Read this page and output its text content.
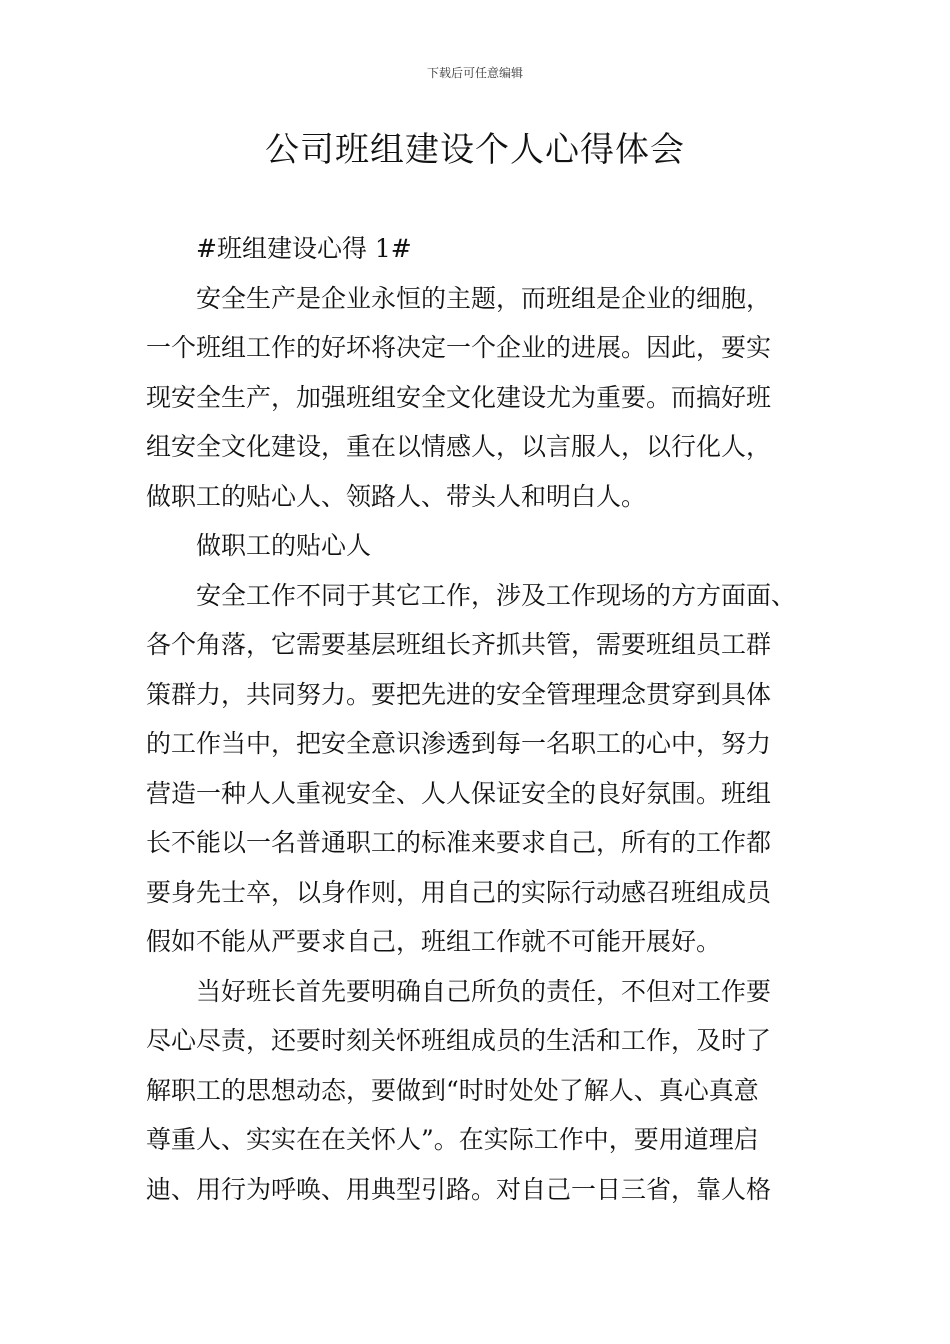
下载后可任意编辑
公司班组建设个人心得体会
#班组建设心得 1#
安全生产是企业永恒的主题，而班组是企业的细胞，
一个班组工作的好坏将决定一个企业的进展。因此，要实
现安全生产，加强班组安全文化建设尤为重要。而搞好班
组安全文化建设，重在以情感人，以言服人，以行化人，
做职工的贴心人、领路人、带头人和明白人。
做职工的贴心人
安全工作不同于其它工作，涉及工作现场的方方面面、
各个角落，它需要基层班组长齐抓共管，需要班组员工群
策群力，共同努力。要把先进的安全管理理念贯穿到具体
的工作当中，把安全意识渗透到每一名职工的心中，努力
营造一种人人重视安全、人人保证安全的良好氛围。班组
长不能以一名普通职工的标准来要求自己，所有的工作都
要身先士卒，以身作则，用自己的实际行动感召班组成员
假如不能从严要求自己，班组工作就不可能开展好。
当好班长首先要明确自己所负的责任，不但对工作要
尽心尽责，还要时刻关怀班组成员的生活和工作，及时了
解职工的思想动态，要做到“时时处处了解人、真心真意
尊重人、实实在在关怀人”。在实际工作中，要用道理启
迪、用行为呼唤、用典型引路。对自己一日三省，靠人格
